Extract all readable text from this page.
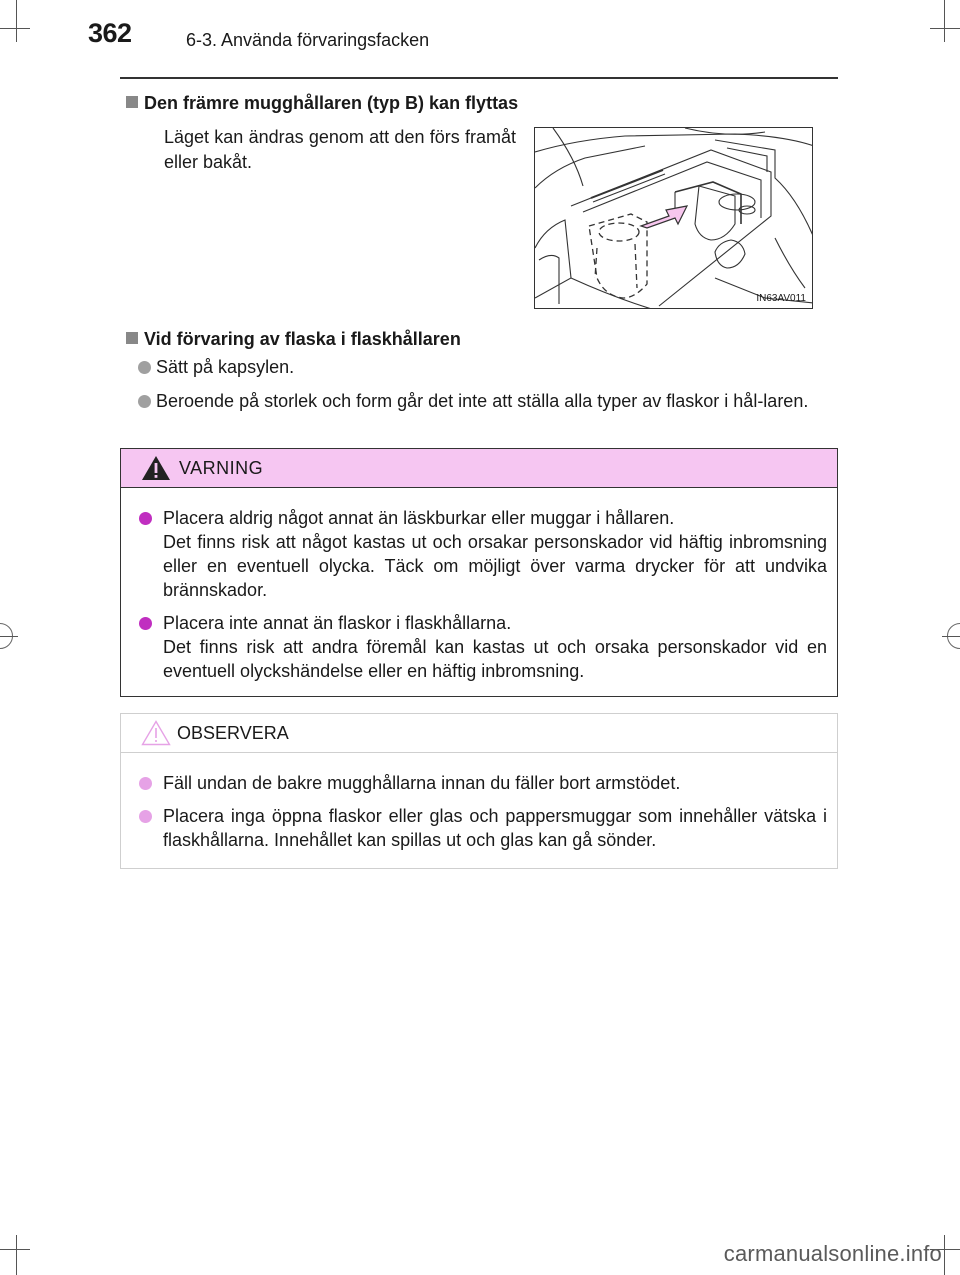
362	6-3. Använda förvaringsfacken
Den främre mugghållaren (typ B) kan flyttas

Läget kan ändras genom att den förs framåt eller bakåt.

IN63AV011
Vid förvaring av flaska i flaskhållaren
Sätt på kapsylen.
Beroende på storlek och form går det inte att ställa alla typer av flaskor i hål-laren.
VARNING

Placera aldrig något annat än läskburkar eller muggar i hållaren.

Det finns risk att något kastas ut och orsakar personskador vid häftig inbromsning eller en eventuell olycka. Täck om möjligt över varma drycker för att undvika brännskador.

Placera inte annat än flaskor i flaskhållarna.

Det finns risk att andra föremål kan kastas ut och orsaka personskador vid en eventuell olyckshändelse eller en häftig inbromsning.

OBSERVERA
Fäll undan de bakre mugghållarna innan du fäller bort armstödet.
Placera inga öppna flaskor eller glas och pappersmuggar som innehåller vätska i flaskhållarna. Innehållet kan spillas ut och glas kan gå sönder.
carmanualsonline.info
